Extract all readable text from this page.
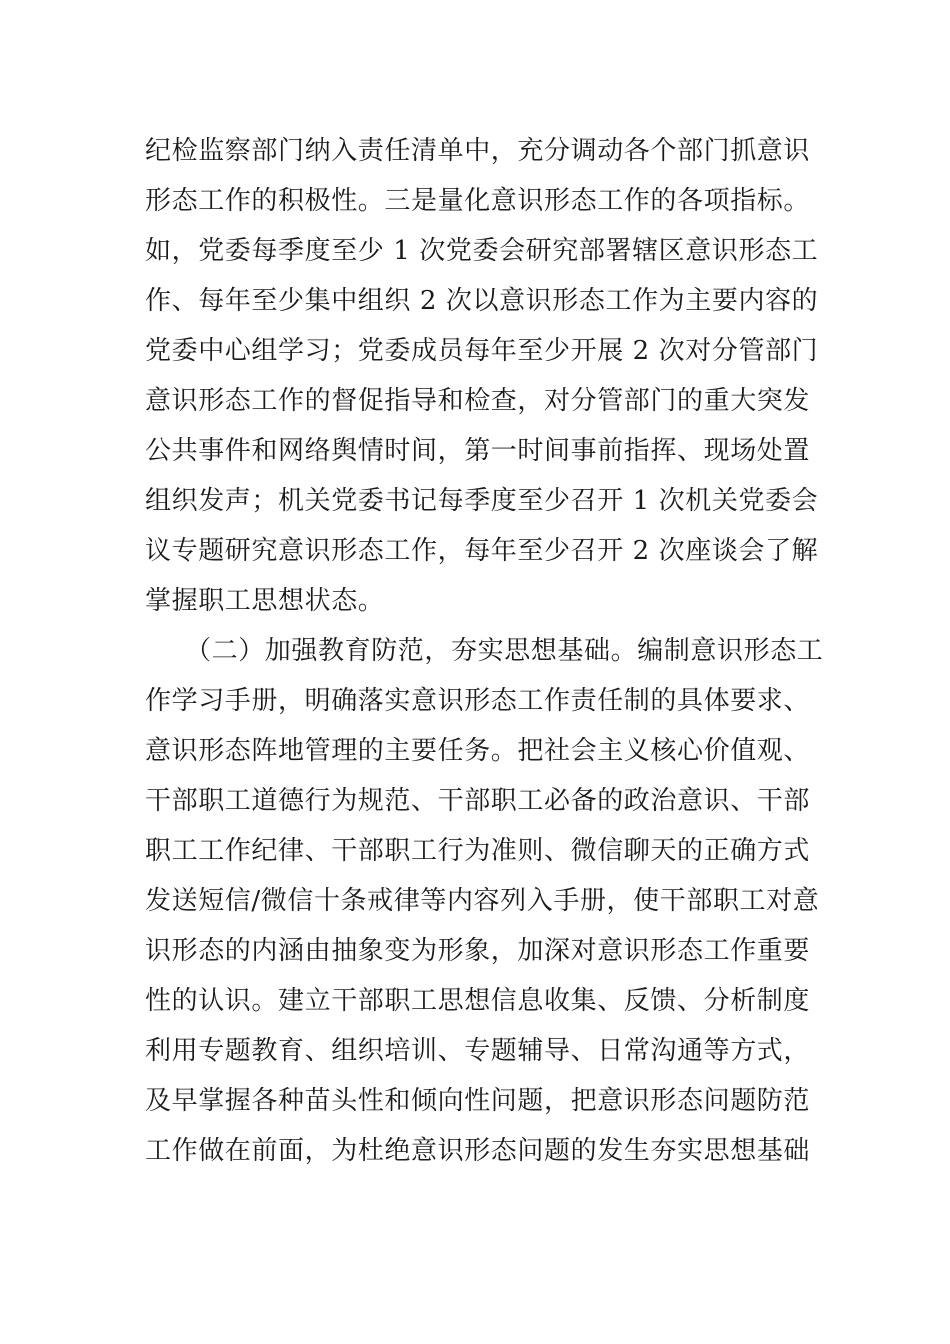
纪检监察部门纳入责任清单中，充分调动各个部门抓意识
形态工作的积极性。三是量化意识形态工作的各项指标。
如，党委每季度至少 1 次党委会研究部署辖区意识形态工
作、每年至少集中组织 2 次以意识形态工作为主要内容的
党委中心组学习；党委成员每年至少开展 2 次对分管部门
意识形态工作的督促指导和检查，对分管部门的重大突发
公共事件和网络舆情时间，第一时间事前指挥、现场处置
组织发声；机关党委书记每季度至少召开 1 次机关党委会
议专题研究意识形态工作，每年至少召开 2 次座谈会了解
掌握职工思想状态。
（二）加强教育防范，夯实思想基础。编制意识形态工
作学习手册，明确落实意识形态工作责任制的具体要求、
意识形态阵地管理的主要任务。把社会主义核心价值观、
干部职工道德行为规范、干部职工必备的政治意识、干部
职工工作纪律、干部职工行为准则、微信聊天的正确方式
发送短信/微信十条戒律等内容列入手册，使干部职工对意
识形态的内涵由抽象变为形象，加深对意识形态工作重要
性的认识。建立干部职工思想信息收集、反馈、分析制度
利用专题教育、组织培训、专题辅导、日常沟通等方式，
及早掌握各种苗头性和倾向性问题，把意识形态问题防范
工作做在前面，为杜绝意识形态问题的发生夯实思想基础
